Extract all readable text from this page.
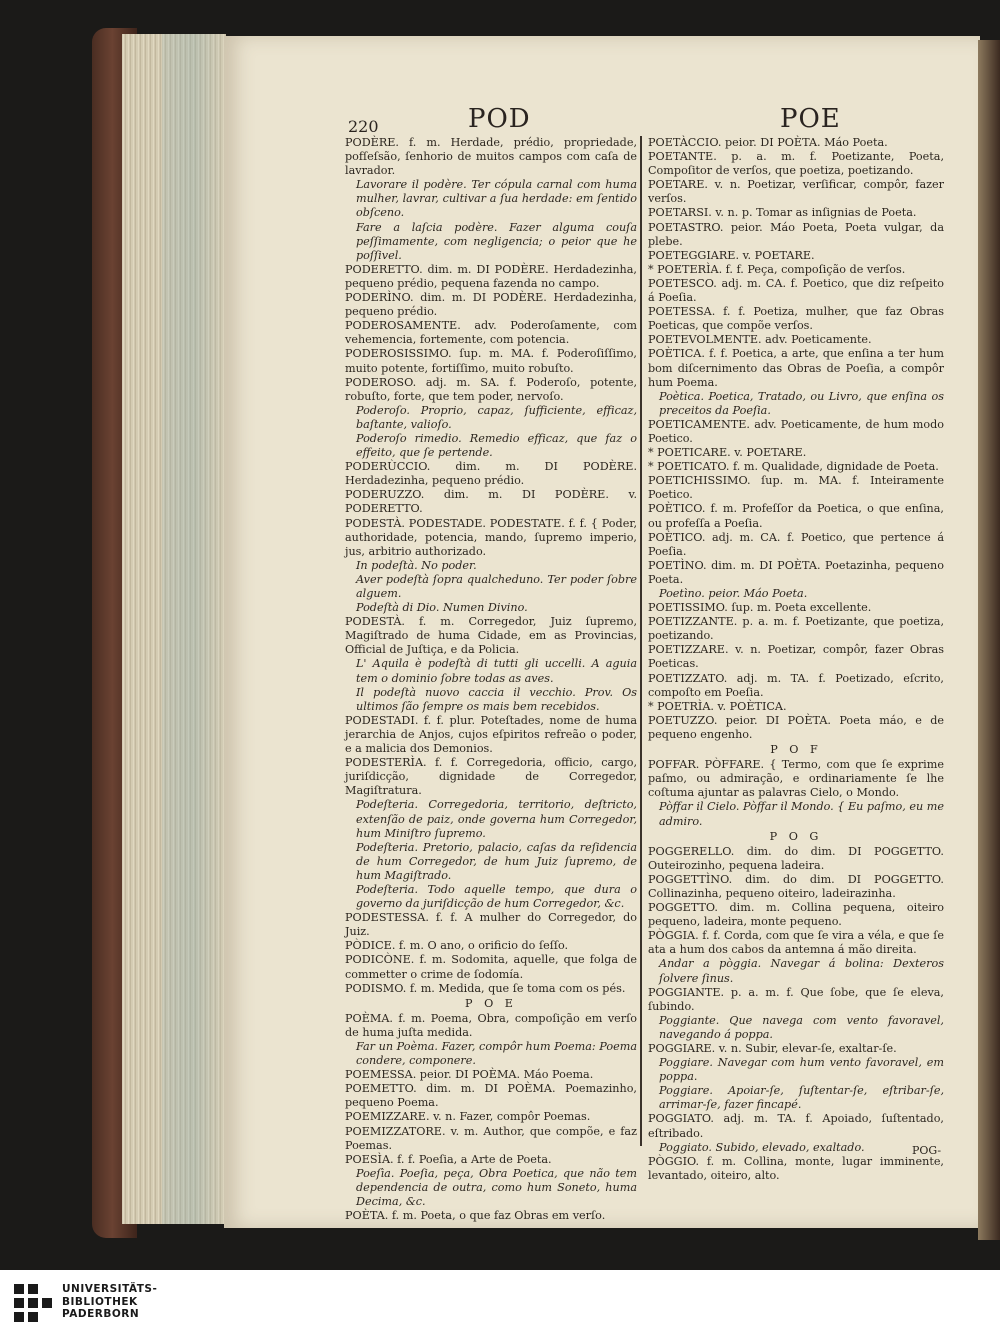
220	POD	POE

PODÈRE. f. m. Herdade, prédio, propriedade, pofſeſsão, ſenhorio de muitos campos com caſa de lavrador.

Lavorare il podère. Ter cópula carnal com huma mulher, lavrar, cultivar a ſua herdade: em ſentido obſceno.

Fare a laſcia podère. Fazer alguma couſa peſſimamente, com negligencia; o peior que he poſſivel.

PODERETTO. dim. m. DI PODÈRE. Herdadezinha, pequeno prédio, pequena fazenda no campo.

PODERÌNO. dim. m. DI PODÈRE. Herdadezinha, pequeno prédio.

PODEROSAMENTE. adv. Poderoſamente, com vehemencia, fortemente, com potencia.

PODEROSISSIMO. ſup. m. MA. f. Poderoſiſſimo, muito potente, fortiſſimo, muito robuſto.

PODEROSO. adj. m. SA. f. Poderoſo, potente, robuſto, forte, que tem poder, nervoſo.

Poderoſo. Proprio, capaz, ſufficiente, efficaz, baſtante, valioſo.

Poderoſo rimedio. Remedio efficaz, que faz o effeito, que ſe pertende.

PODERÙCCIO. dim. m. DI PODÈRE. Herdadezinha, pequeno prédio.

PODERUZZO. dim. m. DI PODÈRE. v. PODERETTO.

PODESTÀ. PODESTADE. PODESTATE. f. f. { Poder, authoridade, potencia, mando, ſupremo imperio, jus, arbitrio authorizado.

In podeſtà. No poder.

Aver podeſtà ſopra qualcheduno. Ter poder ſobre alguem.

Podeſtà di Dio. Numen Divino.

PODESTÀ. f. m. Corregedor, Juiz ſupremo, Magiſtrado de huma Cidade, em as Provincias, Official de Juſtiça, e da Policia.

L' Aquila è podeſtà di tutti gli uccelli. A aguia tem o dominio ſobre todas as aves.

Il podeſtà nuovo caccia il vecchio. Prov. Os ultimos ſão ſempre os mais bem recebidos.

PODESTADI. f. f. plur. Poteſtades, nome de huma jerarchia de Anjos, cujos eſpiritos refreão o poder, e a malicia dos Demonios.

PODESTERÌA. f. f. Corregedoria, officio, cargo, juriſdicção, dignidade de Corregedor, Magiſtratura.

Podeſteria. Corregedoria, territorio, deſtricto, extenſão de paiz, onde governa hum Corregedor, hum Miniſtro ſupremo.

Podeſteria. Pretorio, palacio, caſas da reſidencia de hum Corregedor, de hum Juiz ſupremo, de hum Magiſtrado.

Podeſteria. Todo aquelle tempo, que dura o governo da juriſdicção de hum Corregedor, &c.

PODESTESSA. f. f. A mulher do Corregedor, do Juiz.

PÒDICE. f. m. O ano, o orificio do ſeſſo.

PODICÒNE. f. m. Sodomita, aquelle, que folga de commetter o crime de ſodomía.

PODISMO. f. m. Medida, que ſe toma com os pés.

P O E

POÈMA. f. m. Poema, Obra, compoſição em verſo de huma juſta medida.

Far un Poèma. Fazer, compôr hum Poema: Poema condere, componere.

POEMESSA. peior. DI POÈMA. Máo Poema.

POEMETTO. dim. m. DI POÈMA. Poemazinho, pequeno Poema.

POEMIZZARE. v. n. Fazer, compôr Poemas.

POEMIZZATORE. v. m. Author, que compõe, e faz Poemas.

POESÌA. f. f. Poeſia, a Arte de Poeta.

Poeſìa. Poeſia, peça, Obra Poetica, que não tem dependencia de outra, como hum Soneto, huma Decima, &c.

POÈTA. f. m. Poeta, o que faz Obras em verſo.

POETÀCCIO. peior. DI POÈTA. Máo Poeta.

POETANTE. p. a. m. f. Poetizante, Poeta, Compoſitor de verſos, que poetiza, poetizando.

POETARE. v. n. Poetizar, verſificar, compôr, fazer verſos.

POETARSI. v. n. p. Tomar as inſignias de Poeta.

POETASTRO. peior. Máo Poeta, Poeta vulgar, da plebe.

POETEGGIARE. v. POETARE.

* POETERÌA. f. f. Peça, compoſição de verſos.

POETESCO. adj. m. CA. f. Poetico, que diz reſpeito á Poeſia.

POETESSA. f. f. Poetiza, mulher, que faz Obras Poeticas, que compõe verſos.

POETEVOLMENTE. adv. Poeticamente.

POÈTICA. f. f. Poetica, a arte, que enſina a ter hum bom diſcernimento das Obras de Poeſia, a compôr hum Poema.

Poètica. Poetica, Tratado, ou Livro, que enſina os preceitos da Poeſia.

POETICAMENTE. adv. Poeticamente, de hum modo Poetico.

* POETICARE. v. POETARE.

* POETICATO. f. m. Qualidade, dignidade de Poeta.

POETICHISSIMO. ſup. m. MA. f. Inteiramente Poetico.

POÈTICO. f. m. Profeſſor da Poetica, o que enſina, ou profeſſa a Poeſia.

POÈTICO. adj. m. CA. f. Poetico, que pertence á Poeſia.

POETÌNO. dim. m. DI POÈTA. Poetazinha, pequeno Poeta.

Poetìno. peior. Máo Poeta.

POETISSIMO. ſup. m. Poeta excellente.

POETIZZANTE. p. a. m. f. Poetizante, que poetiza, poetizando.

POETIZZARE. v. n. Poetizar, compôr, fazer Obras Poeticas.

POETIZZATO. adj. m. TA. f. Poetizado, eſcrito, compoſto em Poeſia.

* POETRÌA. v. POÈTICA.

POETUZZO. peior. DI POÈTA. Poeta máo, e de pequeno engenho.

P O F

POFFAR. PÒFFARE. { Termo, com que ſe exprime paſmo, ou admiração, e ordinariamente ſe lhe coſtuma ajuntar as palavras Cielo, o Mondo.

Pòffar il Cielo. Pòffar il Mondo. { Eu paſmo, eu me admiro.

P O G

POGGERELLO. dim. do dim. DI POGGETTO. Outeirozinho, pequena ladeira.

POGGETTÌNO. dim. do dim. DI POGGETTO. Collinazinha, pequeno oiteiro, ladeirazinha.

POGGETTO. dim. m. Collina pequena, oiteiro pequeno, ladeira, monte pequeno.

PÒGGIA. f. f. Corda, com que ſe vira a véla, e que ſe ata a hum dos cabos da antemna á mão direita.

Andar a pòggia. Navegar á bolina: Dexteros ſolvere ſinus.

POGGIANTE. p. a. m. f. Que ſobe, que ſe eleva, ſubindo.

Poggiante. Que navega com vento favoravel, navegando á poppa.

POGGIARE. v. n. Subir, elevar-ſe, exaltar-ſe.

Poggiare. Navegar com hum vento favoravel, em poppa.

Poggiare. Apoiar-ſe, ſuſtentar-ſe, eſtribar-ſe, arrimar-ſe, fazer fincapé.

POGGIATO. adj. m. TA. f. Apoiado, ſuſtentado, eſtribado.

Poggiato. Subido, elevado, exaltado.

PÒGGIO. f. m. Collina, monte, lugar imminente, levantado, oiteiro, alto.

POG-
UNIVERSITÄTS-
BIBLIOTHEK
PADERBORN
